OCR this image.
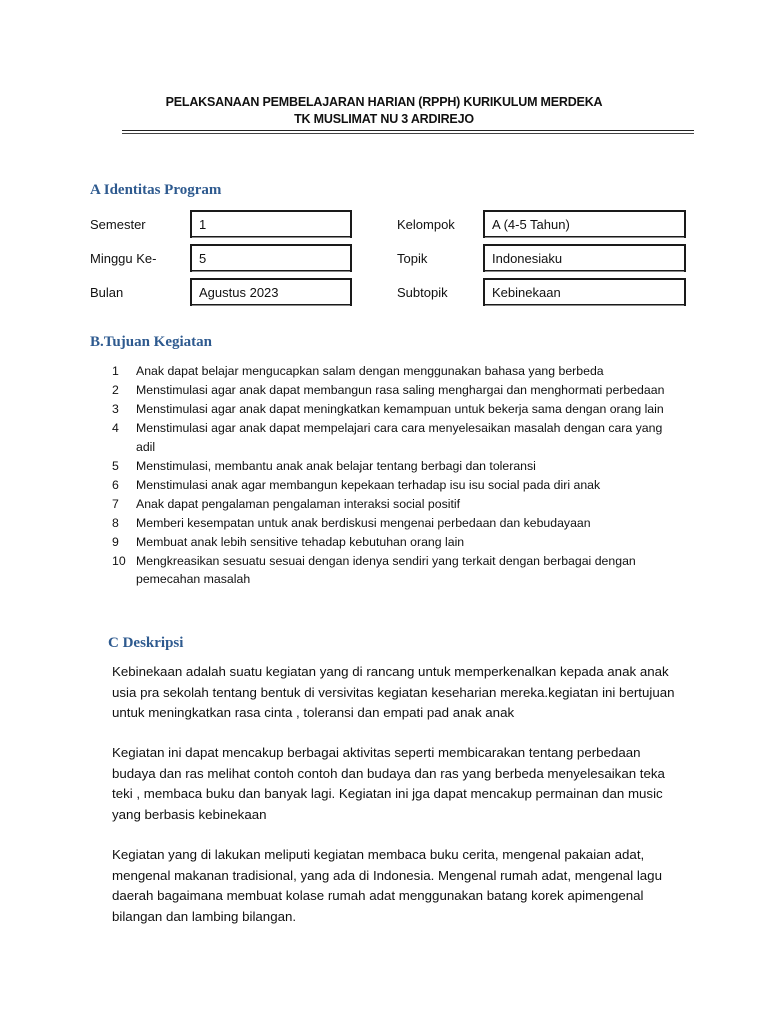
PELAKSANAAN PEMBELAJARAN HARIAN (RPPH) KURIKULUM MERDEKA
TK MUSLIMAT NU 3 ARDIREJO
A Identitas Program
Semester	1
Minggu Ke-	5
Bulan	Agustus 2023
Kelompok	A (4-5 Tahun)
Topik	Indonesiaku
Subtopik	Kebinekaan
B.Tujuan Kegiatan
1 Anak dapat belajar mengucapkan salam dengan menggunakan bahasa yang berbeda
2 Menstimulasi agar anak dapat membangun rasa saling menghargai dan menghormati perbedaan
3 Menstimulasi agar anak dapat meningkatkan kemampuan untuk bekerja sama dengan orang lain
4 Menstimulasi agar anak dapat mempelajari cara cara menyelesaikan masalah dengan cara yang adil
5 Menstimulasi, membantu anak anak belajar tentang berbagi dan toleransi
6 Menstimulasi anak agar membangun kepekaan terhadap isu isu social pada diri anak
7 Anak dapat pengalaman pengalaman interaksi social positif
8 Memberi kesempatan untuk anak berdiskusi mengenai perbedaan dan kebudayaan
9 Membuat anak lebih sensitive tehadap kebutuhan orang lain
10 Mengkreasikan sesuatu sesuai dengan idenya sendiri yang terkait dengan berbagai dengan pemecahan masalah
C Deskripsi

Kebinekaan adalah suatu kegiatan yang di rancang untuk memperkenalkan kepada anak anak usia pra sekolah tentang bentuk di versivitas kegiatan keseharian mereka.kegiatan ini bertujuan untuk meningkatkan rasa cinta , toleransi dan empati pad anak anak

Kegiatan ini dapat mencakup berbagai aktivitas seperti membicarakan tentang perbedaan budaya dan ras melihat contoh contoh dan budaya dan ras yang berbeda menyelesaikan teka teki , membaca buku dan banyak lagi. Kegiatan ini jga dapat mencakup permainan dan music yang berbasis kebinekaan

Kegiatan yang di lakukan meliputi kegiatan membaca buku cerita, mengenal pakaian adat, mengenal makanan tradisional, yang ada di Indonesia. Mengenal rumah adat, mengenal lagu daerah bagaimana membuat kolase rumah adat menggunakan batang korek apimengenal bilangan dan lambing bilangan.
